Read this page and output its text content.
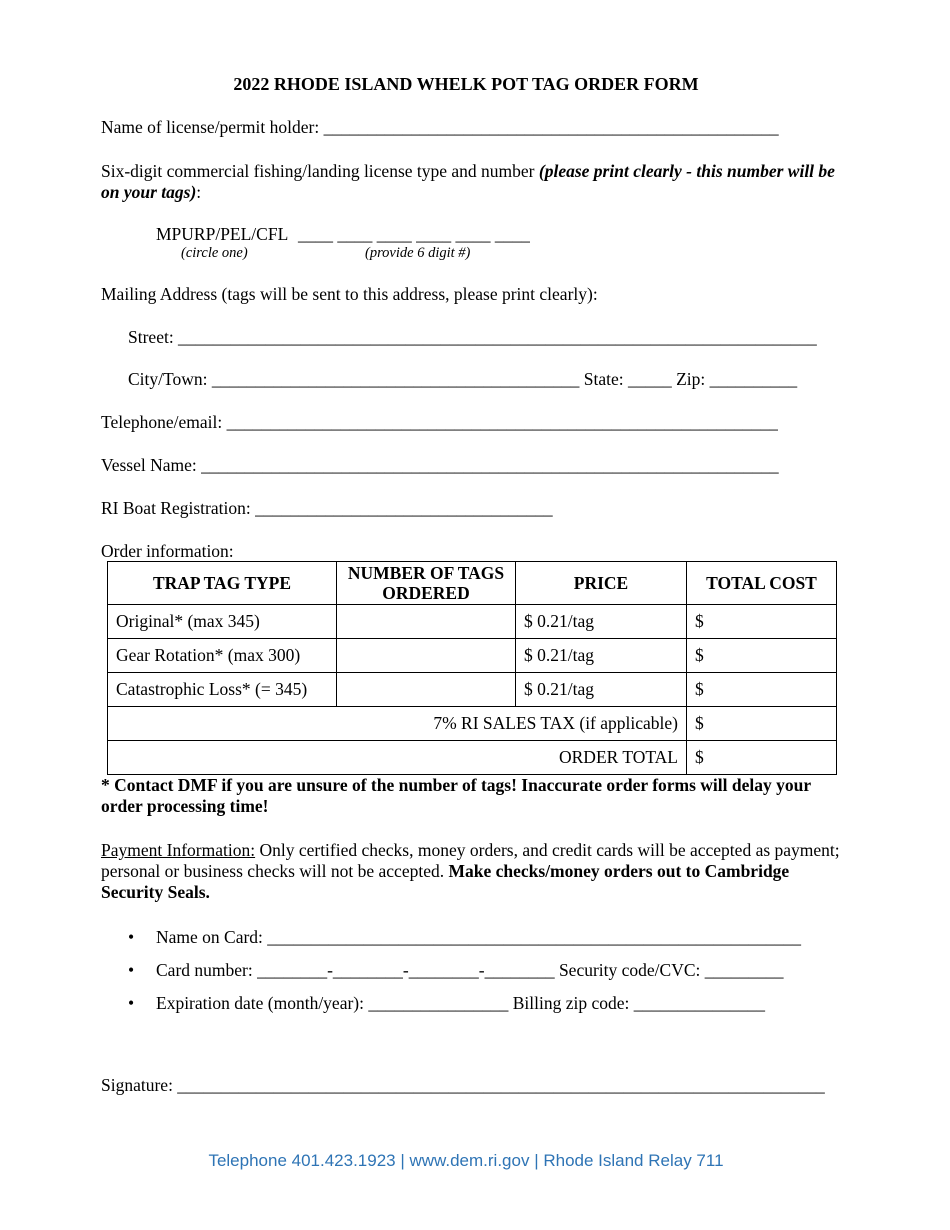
2022 RHODE ISLAND WHELK POT TAG ORDER FORM
Name of license/permit holder: ____________________________________________________
Six-digit commercial fishing/landing license type and number (please print clearly - this number will be on your tags):
MPURP/PEL/CFL ____ ____ ____ ____ ____ ____
(circle one)	(provide 6 digit #)
Mailing Address (tags will be sent to this address, please print clearly):
Street: _________________________________________________________________________
City/Town: __________________________________________ State: _____ Zip: __________
Telephone/email: _______________________________________________________________
Vessel Name: __________________________________________________________________
RI Boat Registration: __________________________________
Order information:
TRAP TAG TYPE	NUMBER OF TAGS ORDERED	PRICE	TOTAL COST
Original* (max 345)		$ 0.21/tag	$
Gear Rotation* (max 300)		$ 0.21/tag	$
Catastrophic Loss* (= 345)		$ 0.21/tag	$
7% RI SALES TAX (if applicable)			$
ORDER TOTAL			$
* Contact DMF if you are unsure of the number of tags! Inaccurate order forms will delay your order processing time!
Payment Information: Only certified checks, money orders, and credit cards will be accepted as payment; personal or business checks will not be accepted. Make checks/money orders out to Cambridge Security Seals.
• Name on Card: _____________________________________________________________
• Card number: ________-________-________-________ Security code/CVC: _________
• Expiration date (month/year): ________________ Billing zip code: _______________
Signature: __________________________________________________________________________
Telephone 401.423.1923 | www.dem.ri.gov | Rhode Island Relay 711
